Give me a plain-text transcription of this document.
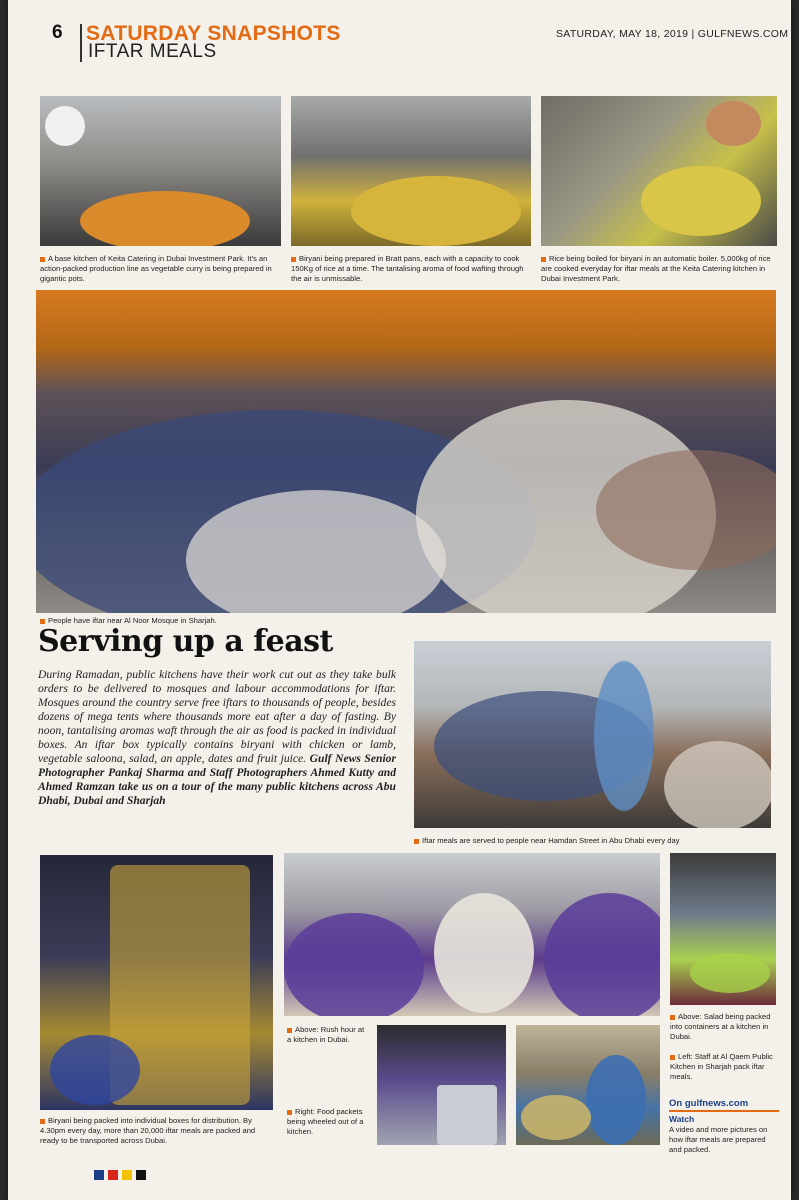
6 SATURDAY SNAPSHOTS
IFTAR MEALS
SATURDAY, MAY 18, 2019 | GULFNEWS.COM
A base kitchen of Keita Catering in Dubai Investment Park. It’s an action-packed production line as vegetable curry is being prepared in gigantic pots.
Biryani being prepared in Bratt pans, each with a capacity to cook 150Kg of rice at a time. The tantalising aroma of food wafting through the air is unmissable.
Rice being boiled for biryani in an automatic boiler. 5,000kg of rice are cooked everyday for iftar meals at the Keita Catering kitchen in Dubai Investment Park.
People have iftar near Al Noor Mosque in Sharjah.
Serving up a feast
During Ramadan, public kitchens have their work cut out as they take bulk orders to be delivered to mosques and labour accommodations for iftar. Mosques around the country serve free iftars to thousands of people, besides dozens of mega tents where thousands more eat after a day of fasting. By noon, tantalising aromas waft through the air as food is packed in individual boxes. An iftar box typically contains biryani with chicken or lamb, vegetable saloona, salad, an apple, dates and fruit juice. Gulf News Senior Photographer Pankaj Sharma and Staff Photographers Ahmed Kutty and Ahmed Ramzan take us on a tour of the many public kitchens across Abu Dhabi, Dubai and Sharjah
Iftar meals are served to people near Hamdan Street in Abu Dhabi every day
Biryani being packed into individual boxes for distribution. By 4.30pm every day, more than 20,000 iftar meals are packed and ready to be transported across Dubai.
Above: Rush hour at a kitchen in Dubai.
Right: Food packets being wheeled out of a kitchen.
Above: Salad being packed into containers at a kitchen in Dubai.
Left: Staff at Al Qaem Public Kitchen in Sharjah pack iftar meals.
On gulfnews.com
Watch
A video and more pictures on how iftar meals are prepared and packed.
